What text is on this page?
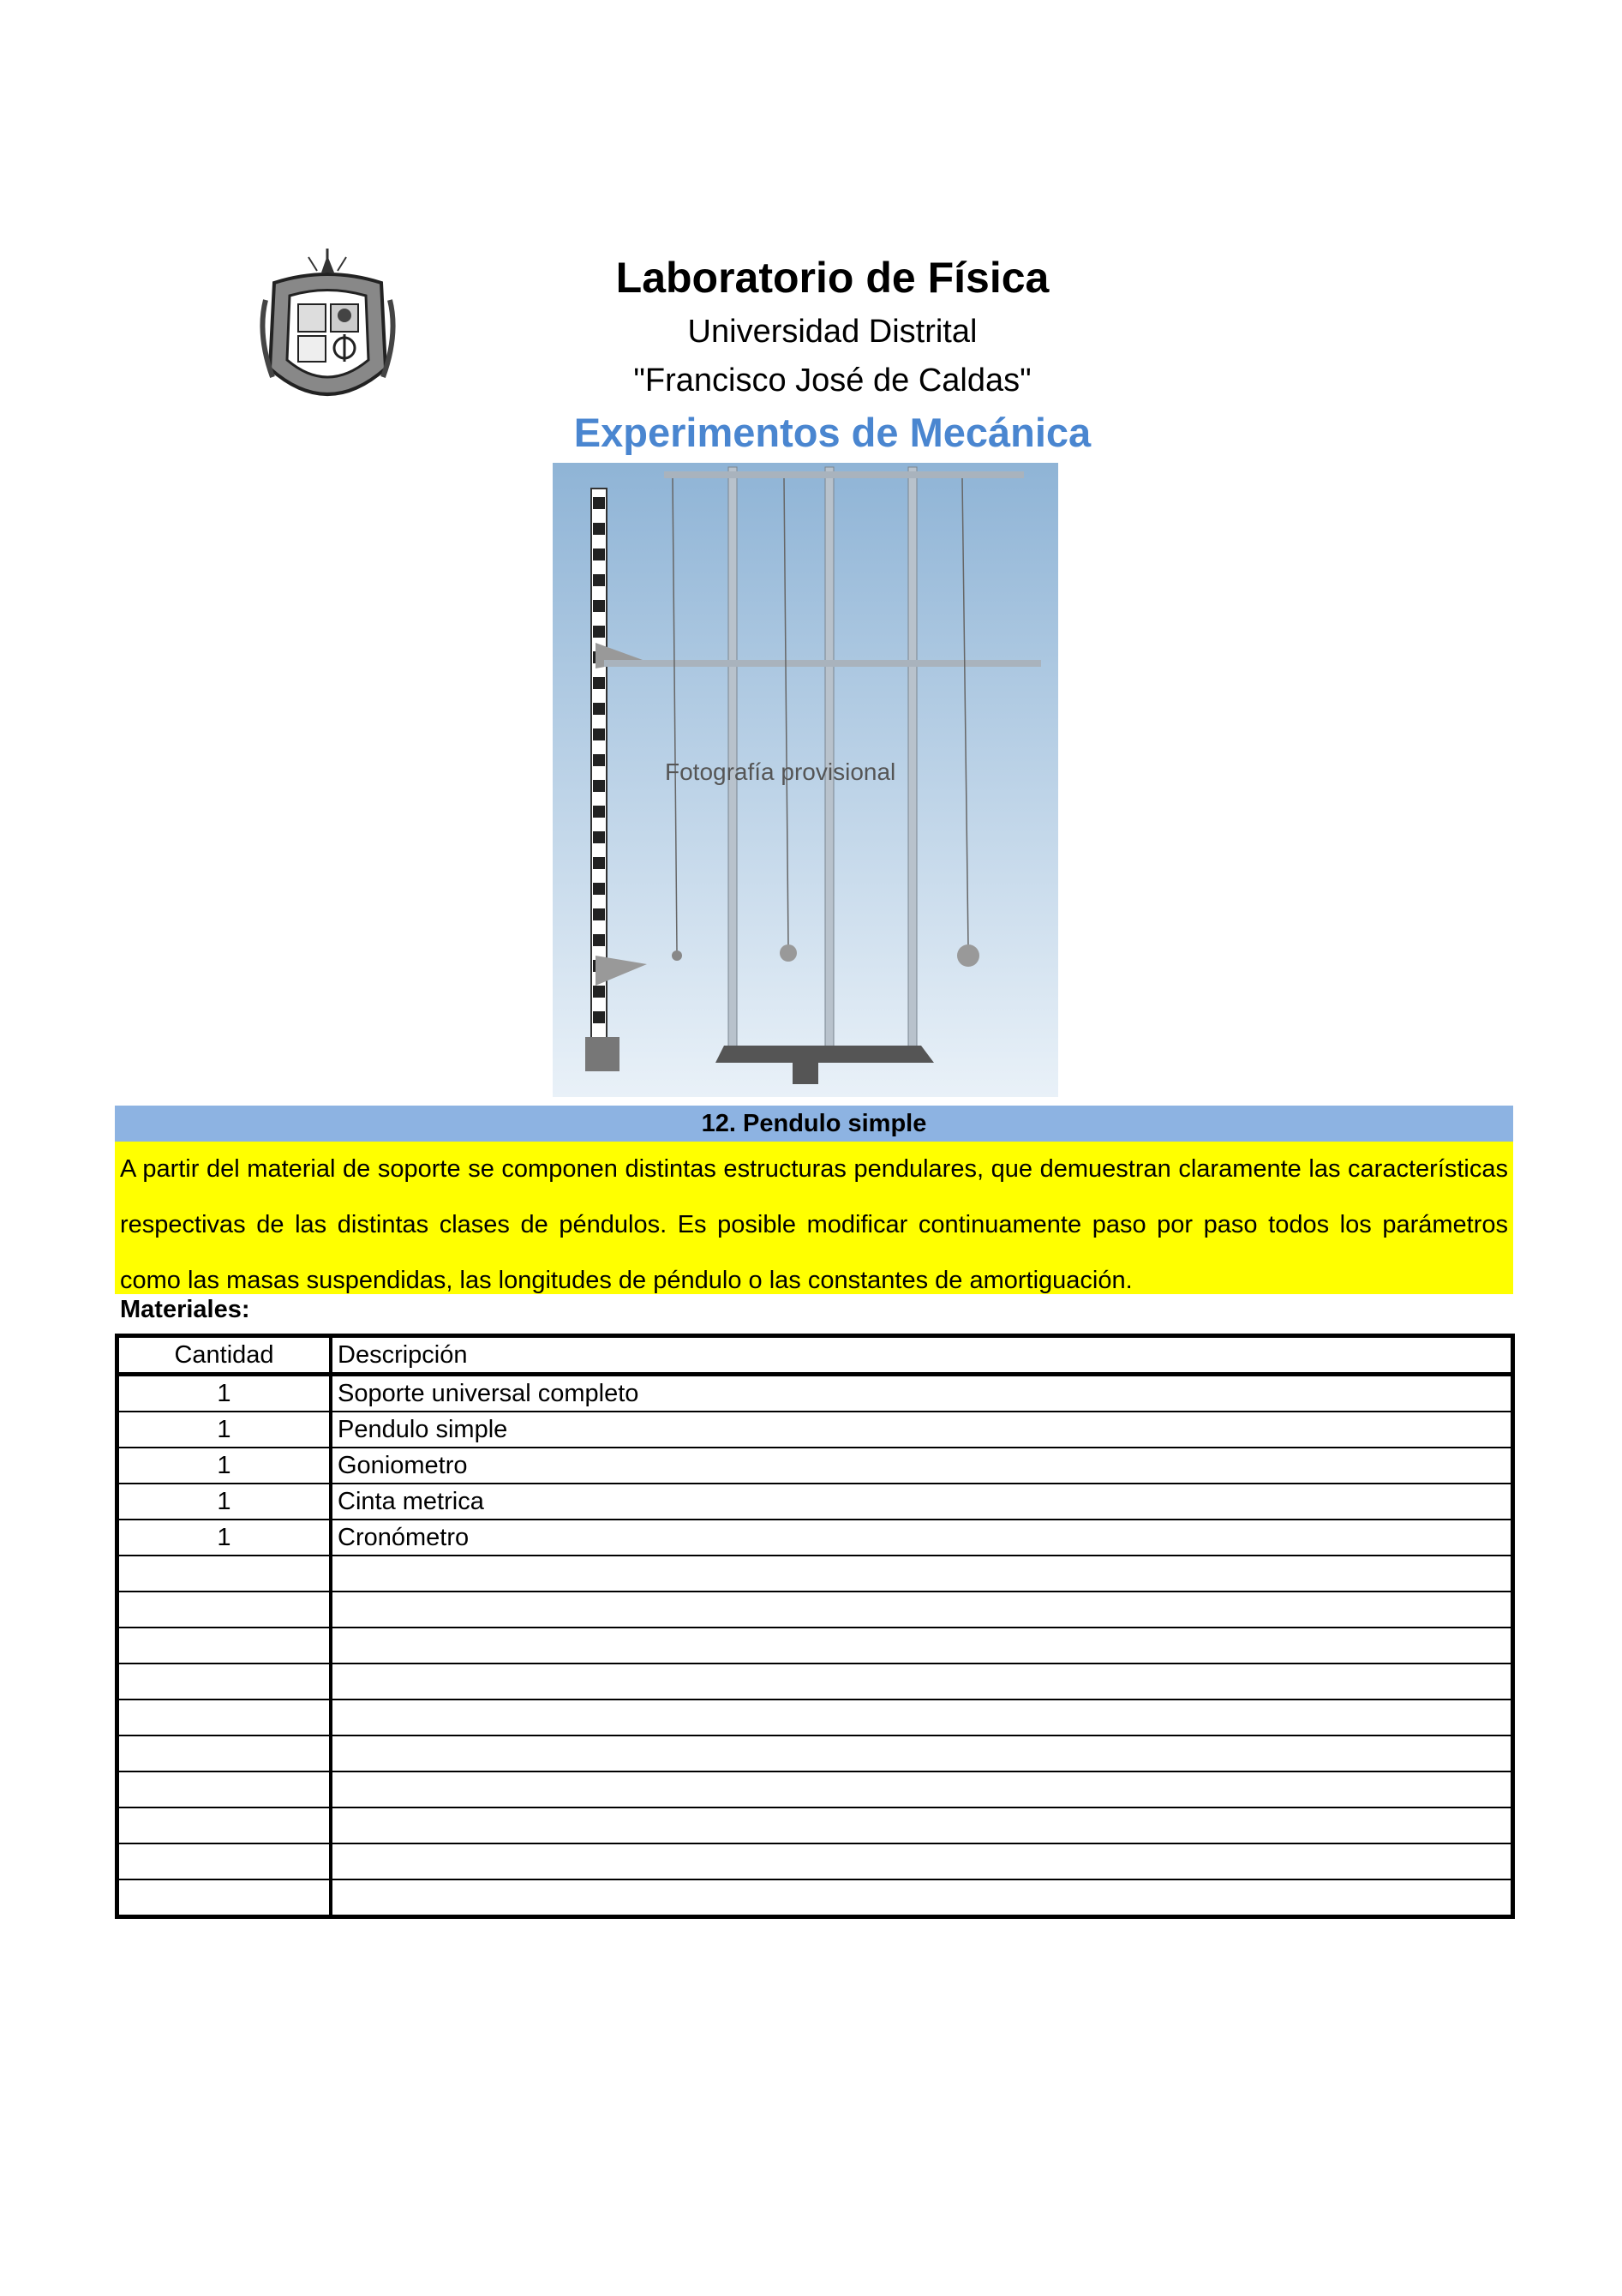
Laboratorio de Física
Universidad Distrital
"Francisco José de Caldas"
Experimentos de Mecánica
Fotografía provisional
12. Pendulo simple
A partir del material de soporte se componen distintas estructuras pendulares, que demuestran claramente las características respectivas de las distintas clases de péndulos. Es posible modificar continuamente paso por paso todos los parámetros como las masas suspendidas, las longitudes de péndulo o las constantes de amortiguación.
Materiales:
Cantidad	Descripción
1	Soporte universal completo
1	Pendulo simple
1	Goniometro
1	Cinta metrica
1	Cronómetro
